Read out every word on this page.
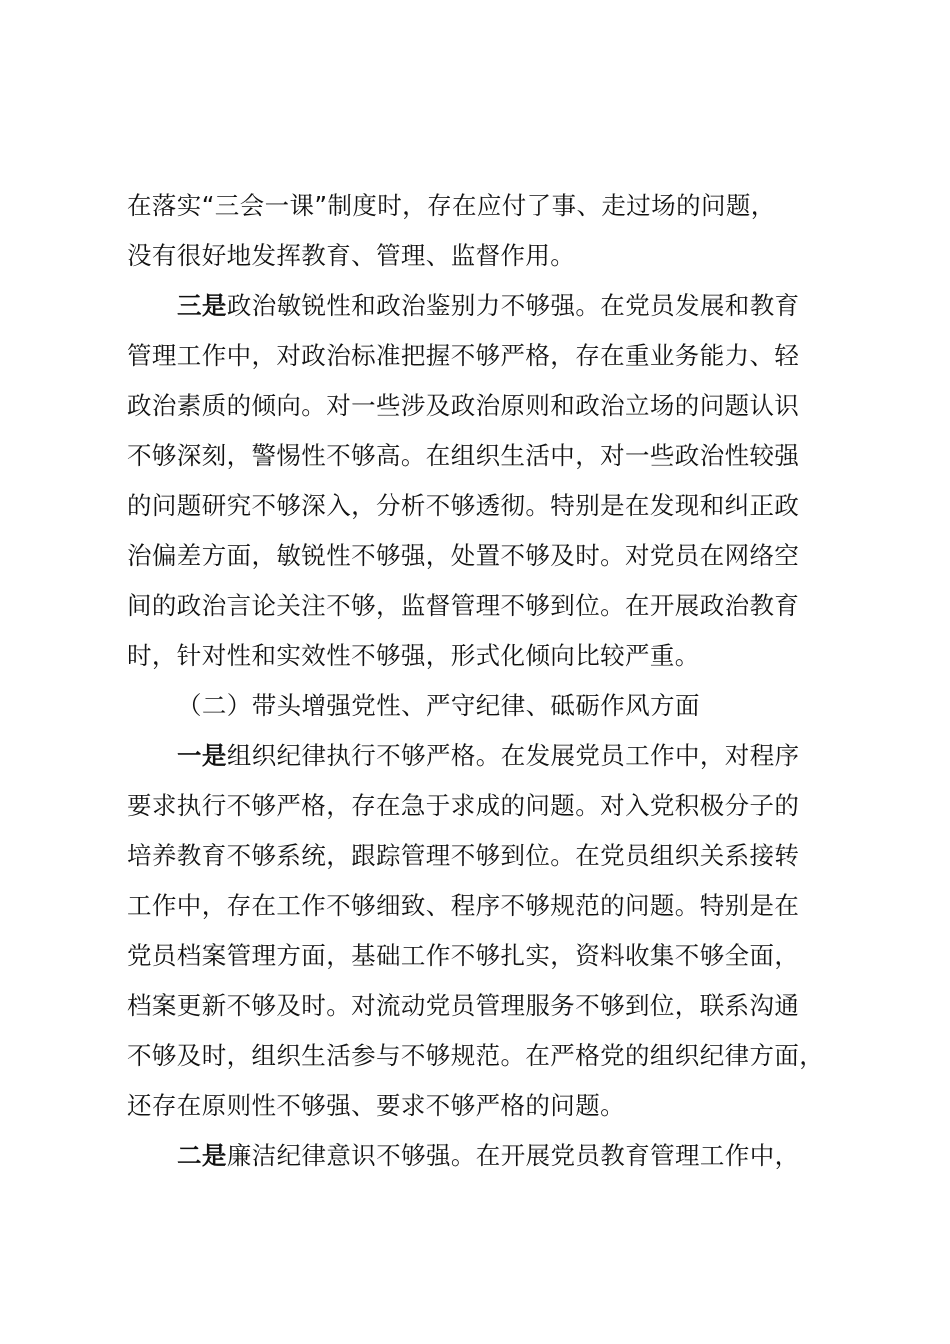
在落实“三会一课”制度时，存在应付了事、走过场的问题，
没有很好地发挥教育、管理、监督作用。
三是政治敏锐性和政治鉴别力不够强。在党员发展和教育
管理工作中，对政治标准把握不够严格，存在重业务能力、轻
政治素质的倾向。对一些涉及政治原则和政治立场的问题认识
不够深刻，警惕性不够高。在组织生活中，对一些政治性较强
的问题研究不够深入，分析不够透彻。特别是在发现和纠正政
治偏差方面，敏锐性不够强，处置不够及时。对党员在网络空
间的政治言论关注不够，监督管理不够到位。在开展政治教育
时，针对性和实效性不够强，形式化倾向比较严重。
（二）带头增强党性、严守纪律、砥砺作风方面
一是组织纪律执行不够严格。在发展党员工作中，对程序
要求执行不够严格，存在急于求成的问题。对入党积极分子的
培养教育不够系统，跟踪管理不够到位。在党员组织关系接转
工作中，存在工作不够细致、程序不够规范的问题。特别是在
党员档案管理方面，基础工作不够扎实，资料收集不够全面，
档案更新不够及时。对流动党员管理服务不够到位，联系沟通
不够及时，组织生活参与不够规范。在严格党的组织纪律方面，
还存在原则性不够强、要求不够严格的问题。
二是廉洁纪律意识不够强。在开展党员教育管理工作中，
